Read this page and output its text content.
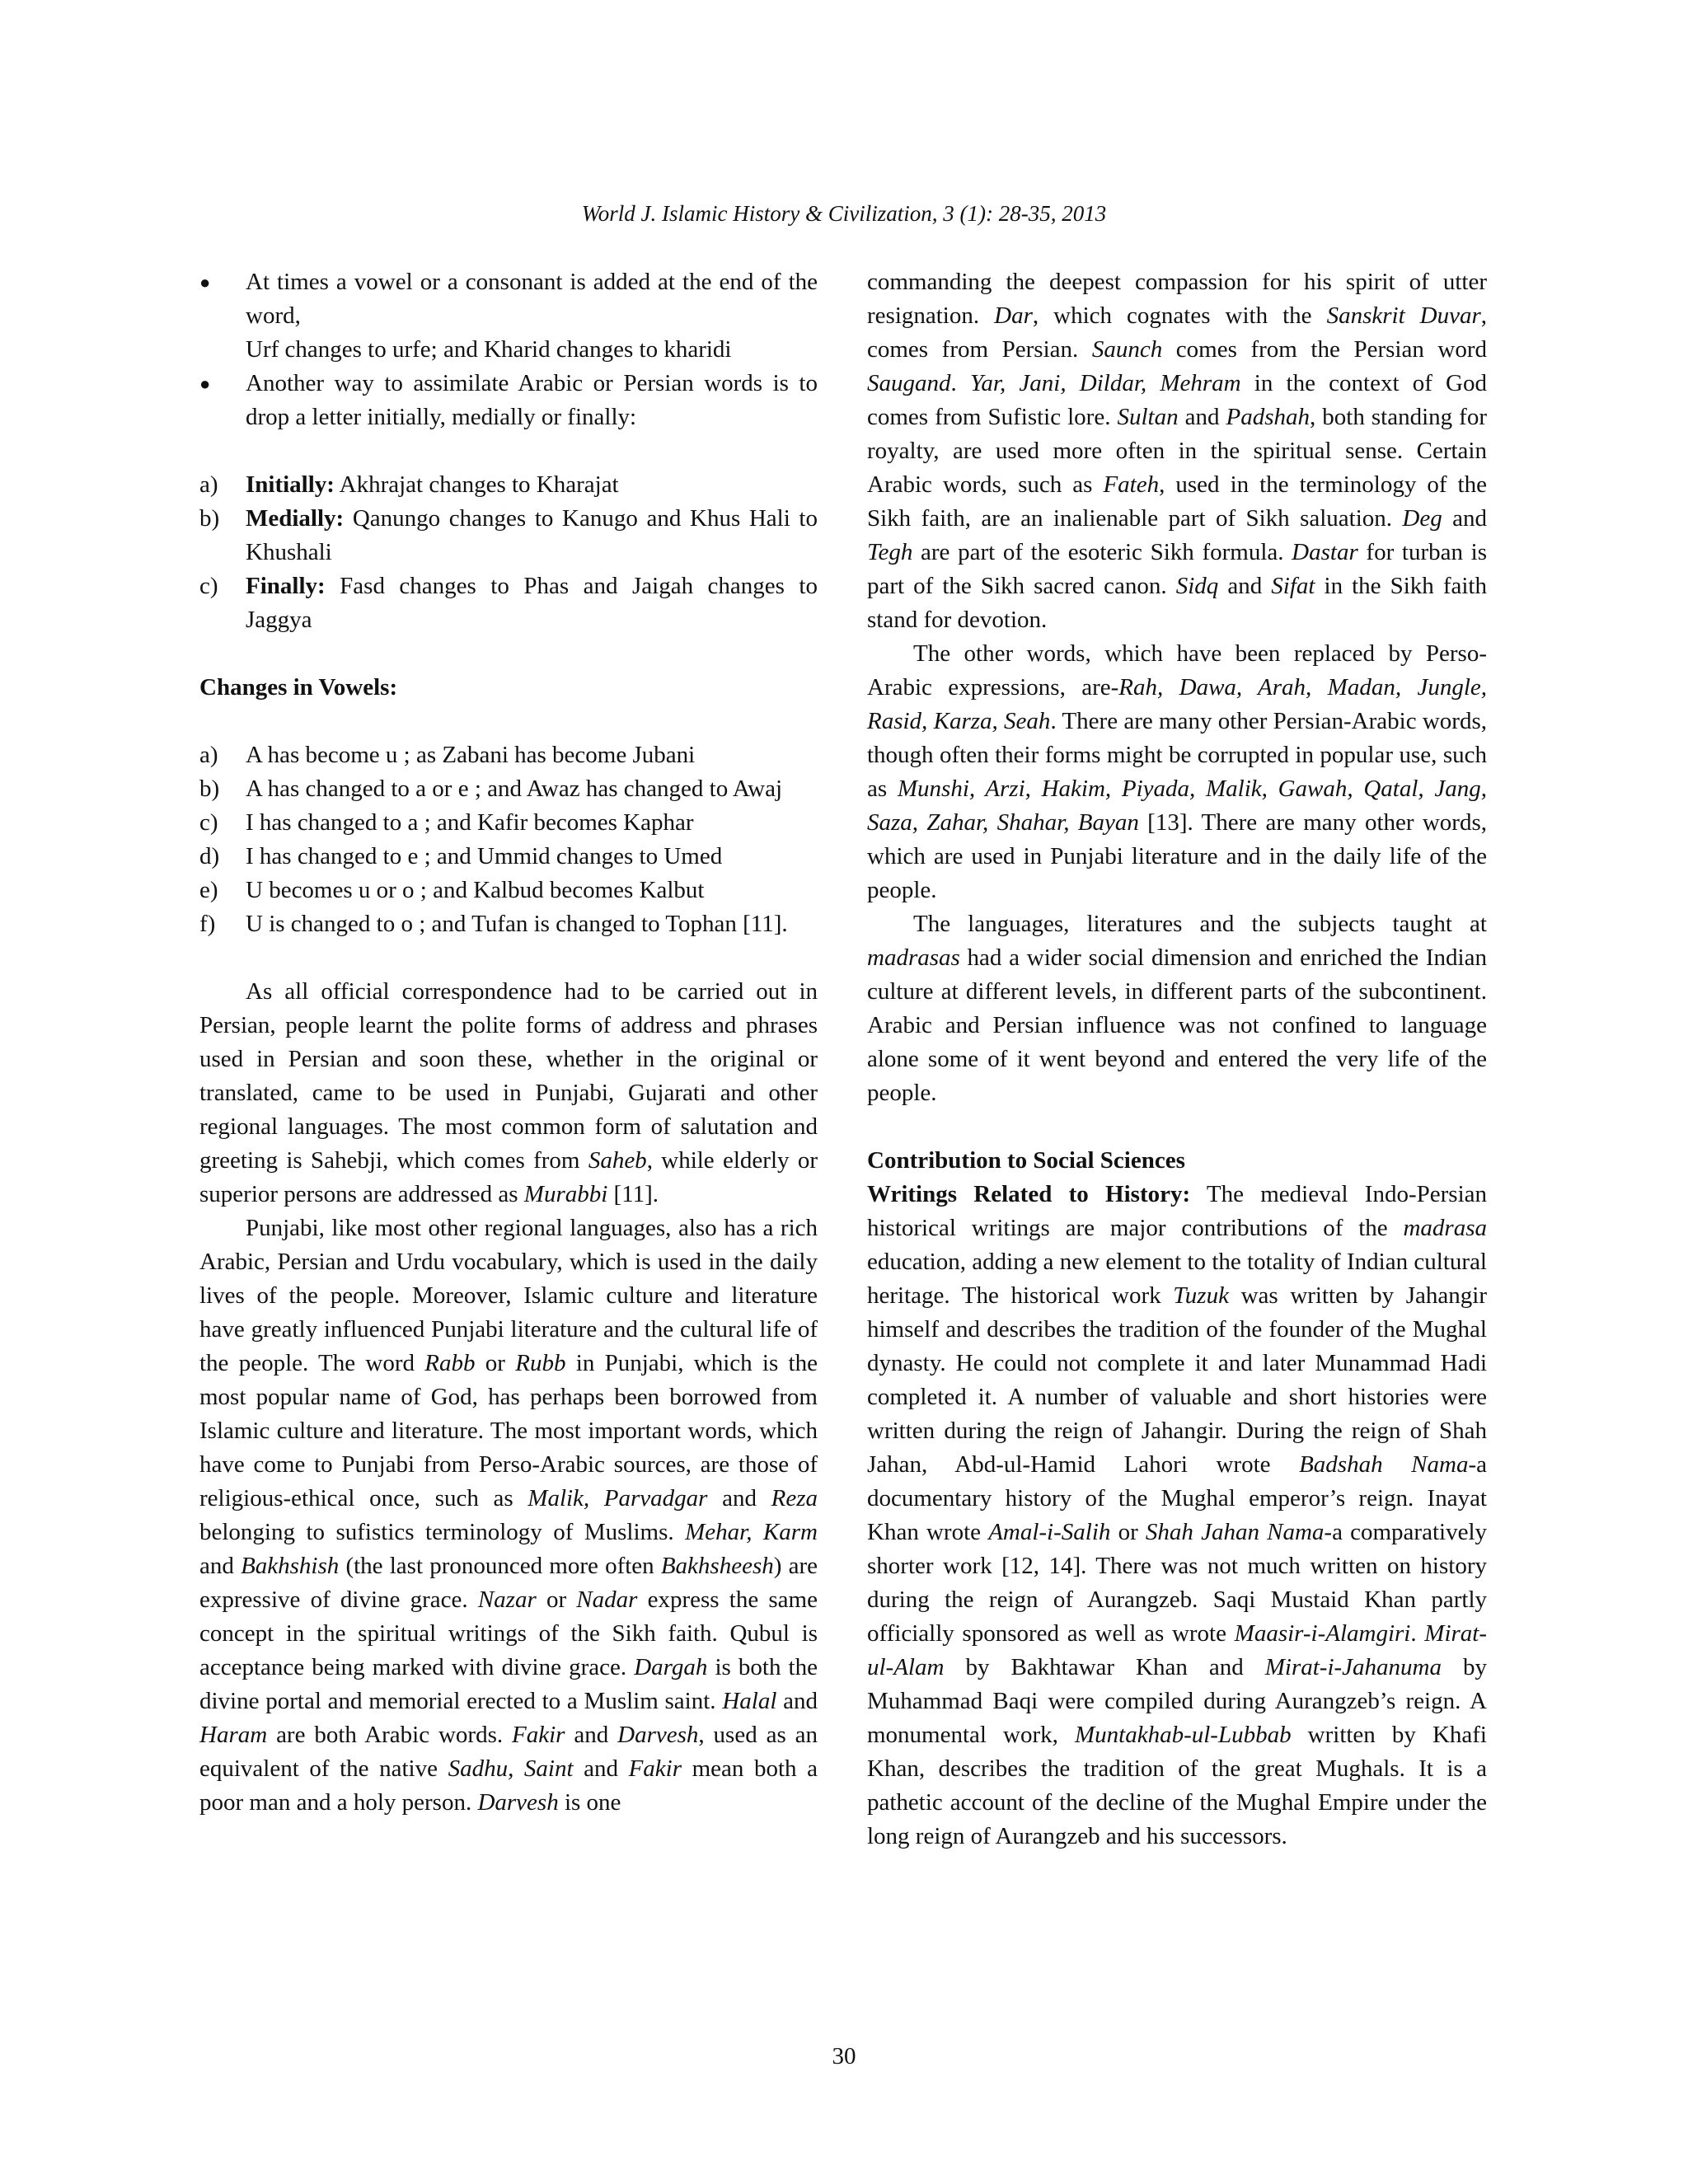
World J. Islamic History & Civilization, 3 (1): 28-35, 2013
●	At times a vowel or a consonant is added at the end of the word,

Urf changes to urfe; and Kharid changes to kharidi

●	Another way to assimilate Arabic or Persian words is to drop a letter initially, medially or finally:
a)	Initially: Akhrajat changes to Kharajat
b)	Medially: Qanungo changes to Kanugo and Khus Hali to Khushali
c)	Finally: Fasd changes to Phas and Jaigah changes to Jaggya

Changes in Vowels:

a)	A has become u ; as Zabani has become Jubani
b)	A has changed to a or e ; and Awaz has changed to Awaj
c)	I has changed to a ; and Kafir becomes Kaphar
d)	I has changed to e ; and Ummid changes to Umed
e)	U becomes u or o ; and Kalbud becomes Kalbut
f)	U is changed to o ; and Tufan is changed to Tophan [11].

As all official correspondence had to be carried out in Persian, people learnt the polite forms of address and phrases used in Persian and soon these, whether in the original or translated, came to be used in Punjabi, Gujarati and other regional languages. The most common form of salutation and greeting is Sahebji, which comes from Saheb, while elderly or superior persons are addressed as Murabbi [11].

Punjabi, like most other regional languages, also has a rich Arabic, Persian and Urdu vocabulary, which is used in the daily lives of the people. Moreover, Islamic culture and literature have greatly influenced Punjabi literature and the cultural life of the people. The word Rabb or Rubb in Punjabi, which is the most popular name of God, has perhaps been borrowed from Islamic culture and literature. The most important words, which have come to Punjabi from Perso-Arabic sources, are those of religious-ethical once, such as Malik, Parvadgar and Reza belonging to sufistics terminology of Muslims. Mehar, Karm and Bakhshish (the last pronounced more often Bakhsheesh) are expressive of divine grace. Nazar or Nadar express the same concept in the spiritual writings of the Sikh faith. Qubul is acceptance being marked with divine grace. Dargah is both the divine portal and memorial erected to a Muslim saint. Halal and Haram are both Arabic words. Fakir and Darvesh, used as an equivalent of the native Sadhu, Saint and Fakir mean both a poor man and a holy person. Darvesh is one

commanding the deepest compassion for his spirit of utter resignation. Dar, which cognates with the Sanskrit Duvar, comes from Persian. Saunch comes from the Persian word Saugand. Yar, Jani, Dildar, Mehram in the context of God comes from Sufistic lore. Sultan and Padshah, both standing for royalty, are used more often in the spiritual sense. Certain Arabic words, such as Fateh, used in the terminology of the Sikh faith, are an inalienable part of Sikh saluation. Deg and Tegh are part of the esoteric Sikh formula. Dastar for turban is part of the Sikh sacred canon. Sidq and Sifat in the Sikh faith stand for devotion.

The other words, which have been replaced by Perso-Arabic expressions, are-Rah, Dawa, Arah, Madan, Jungle, Rasid, Karza, Seah. There are many other Persian-Arabic words, though often their forms might be corrupted in popular use, such as Munshi, Arzi, Hakim, Piyada, Malik, Gawah, Qatal, Jang, Saza, Zahar, Shahar, Bayan [13]. There are many other words, which are used in Punjabi literature and in the daily life of the people.

The languages, literatures and the subjects taught at madrasas had a wider social dimension and enriched the Indian culture at different levels, in different parts of the subcontinent. Arabic and Persian influence was not confined to language alone some of it went beyond and entered the very life of the people.

Contribution to Social Sciences

Writings Related to History: The medieval Indo-Persian historical writings are major contributions of the madrasa education, adding a new element to the totality of Indian cultural heritage. The historical work Tuzuk was written by Jahangir himself and describes the tradition of the founder of the Mughal dynasty. He could not complete it and later Munammad Hadi completed it. A number of valuable and short histories were written during the reign of Jahangir. During the reign of Shah Jahan, Abd-ul-Hamid Lahori wrote Badshah Nama-a documentary history of the Mughal emperor’s reign. Inayat Khan wrote Amal-i-Salih or Shah Jahan Nama-a comparatively shorter work [12, 14]. There was not much written on history during the reign of Aurangzeb. Saqi Mustaid Khan partly officially sponsored as well as wrote Maasir-i-Alamgiri. Mirat-ul-Alam by Bakhtawar Khan and Mirat-i-Jahanuma by Muhammad Baqi were compiled during Aurangzeb’s reign. A monumental work, Muntakhab-ul-Lubbab written by Khafi Khan, describes the tradition of the great Mughals. It is a pathetic account of the decline of the Mughal Empire under the long reign of Aurangzeb and his successors.

30
